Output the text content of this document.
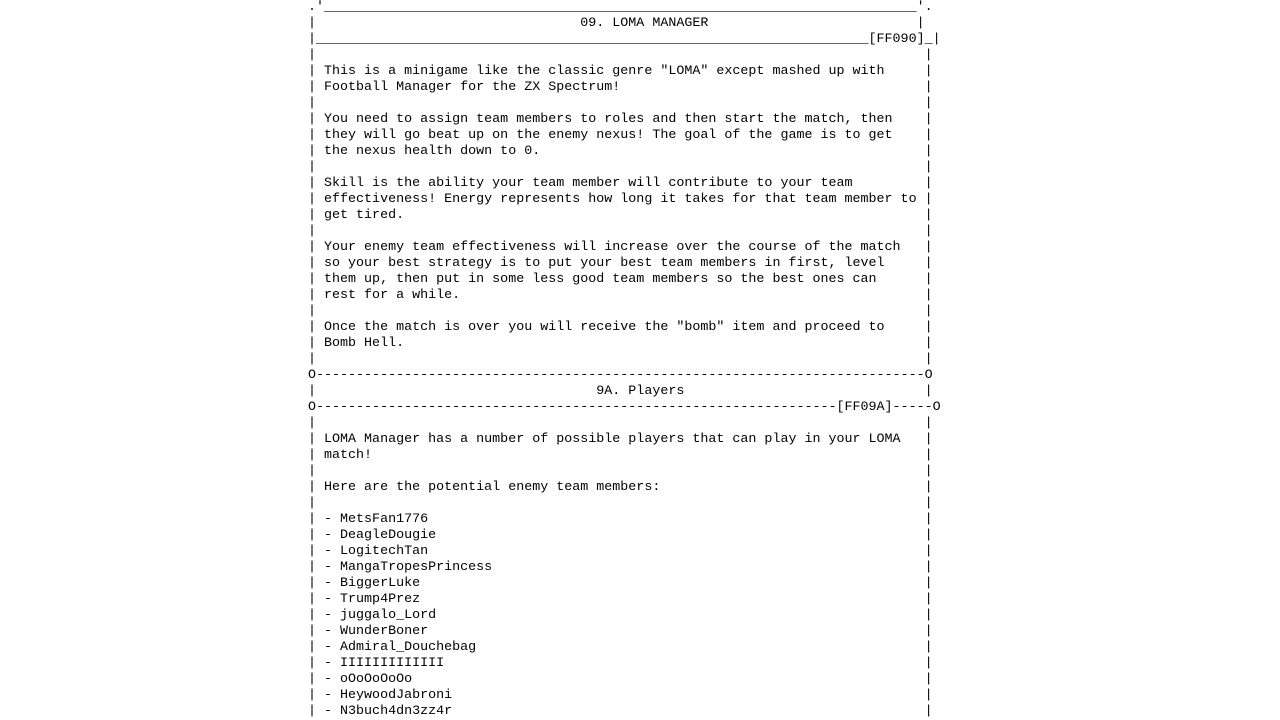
.'__________________________________________________________________________'.
|                                 09. LOMA MANAGER                          |
|_____________________________________________________________________[FF090]_|
|                                                                            |
| This is a minigame like the classic genre "LOMA" except mashed up with     |
| Football Manager for the ZX Spectrum!                                      |
|                                                                            |
| You need to assign team members to roles and then start the match, then    |
| they will go beat up on the enemy nexus! The goal of the game is to get    |
| the nexus health down to 0.                                                |
|                                                                            |
| Skill is the ability your team member will contribute to your team         |
| effectiveness! Energy represents how long it takes for that team member to |
| get tired.                                                                 |
|                                                                            |
| Your enemy team effectiveness will increase over the course of the match   |
| so your best strategy is to put your best team members in first, level     |
| them up, then put in some less good team members so the best ones can      |
| rest for a while.                                                          |
|                                                                            |
| Once the match is over you will receive the "bomb" item and proceed to     |
| Bomb Hell.                                                                 |
|                                                                            |
O----------------------------------------------------------------------------O
|                                   9A. Players                              |
O-----------------------------------------------------------------[FF09A]-----O
|                                                                            |
| LOMA Manager has a number of possible players that can play in your LOMA   |
| match!                                                                     |
|                                                                            |
| Here are the potential enemy team members:                                 |
|                                                                            |
| - MetsFan1776                                                              |
| - DeagleDougie                                                             |
| - LogitechTan                                                              |
| - MangaTropesPrincess                                                      |
| - BiggerLuke                                                               |
| - Trump4Prez                                                               |
| - juggalo_Lord                                                             |
| - WunderBoner                                                              |
| - Admiral_Douchebag                                                        |
| - IIIIIIIIIIIII                                                            |
| - oOoOoOoOo                                                                |
| - HeywoodJabroni                                                           |
| - N3buch4dn3zz4r                                                           |
